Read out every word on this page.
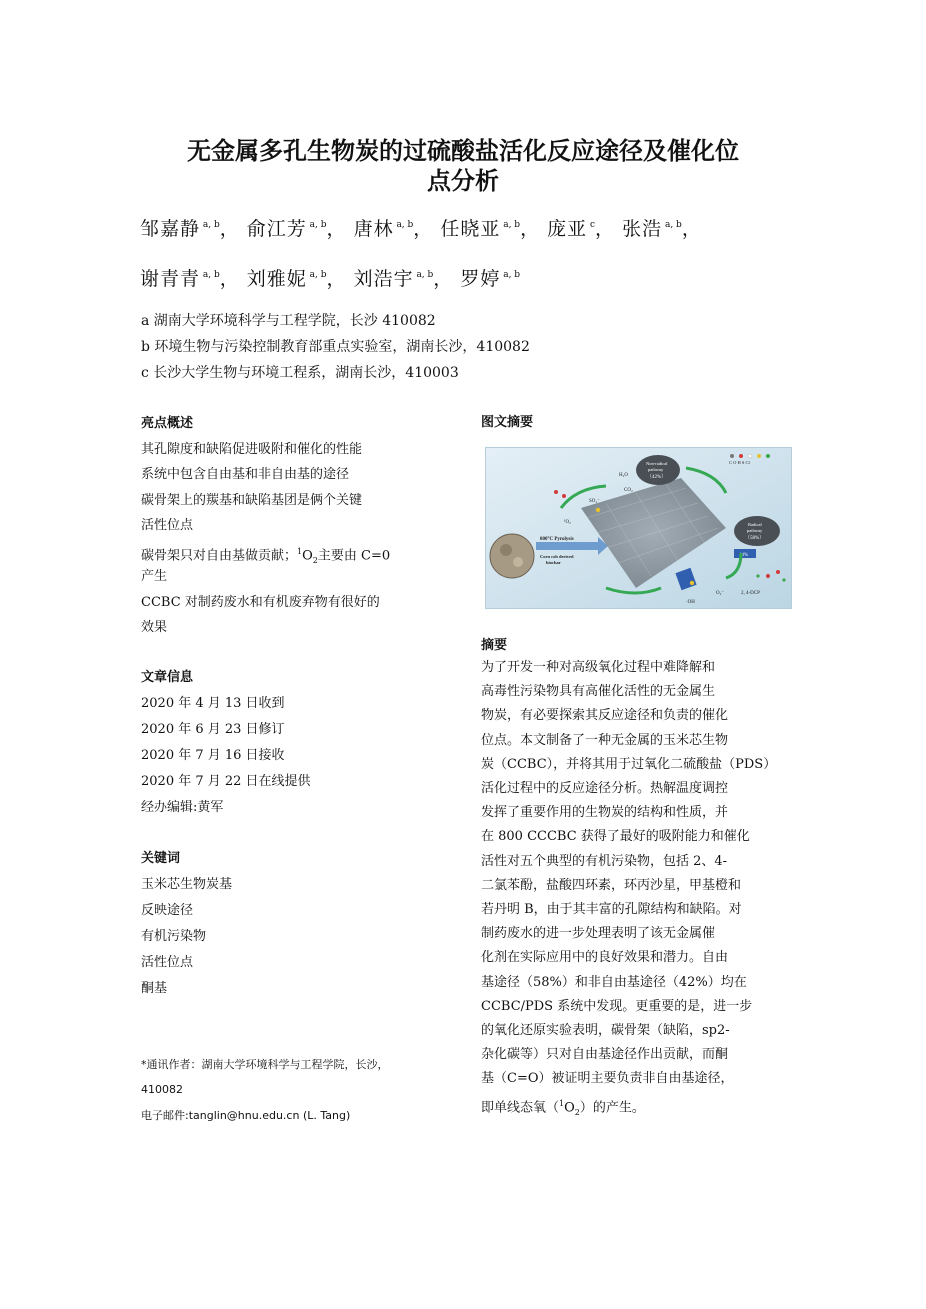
无金属多孔生物炭的过硫酸盐活化反应途径及催化位
点分析
邹嘉静 $^{a, b}$， 俞江芳 $^{a, b}$， 唐林 $^{a, b}$， 任晓亚 $^{a, b}$， 庞亚 $^c$， 张浩 $^{a, b}$，
谢青青 $^{a, b}$， 刘雅妮 $^{a, b}$， 刘浩宇 $^{a, b}$， 罗婷 $^{a, b}$
a 湖南大学环境科学与工程学院，长沙 410082
b 环境生物与污染控制教育部重点实验室，湖南长沙，410082
c 长沙大学生物与环境工程系，湖南长沙，410003
亮点概述
其孔隙度和缺陷促进吸附和催化的性能
系统中包含自由基和非自由基的途径
碳骨架上的羰基和缺陷基团是俩个关键
活性位点
碳骨架只对自由基做贡献；$^1O_2$主要由 C=0
产生
CCBC 对制药废水和有机废弃物有很好的
效果
文章信息
2020 年 4 月 13 日收到
2020 年 6 月 23 日修订
2020 年 7 月 16 日接收
2020 年 7 月 22 日在线提供
经办编辑:黄军
关键词
玉米芯生物炭基
反映途径
有机污染物
活性位点
酮基
*通讯作者：湖南大学环境科学与工程学院，长沙，
410082
电子邮件:tanglin@hnu.edu.cn (L. Tang)
图文摘要
800°C Pyrolysis
Corn cob derived
biochar
C O H S Cl
Non-radical
pathway
（42%）
Radical
pathway
（58%）
14%
H₂O
CO₂
SO₄⁻
¹O₂
·OH
O₂⁻	2, 4-DCP
摘要
为了开发一种对高级氧化过程中难降解和
高毒性污染物具有高催化活性的无金属生
物炭，有必要探索其反应途径和负责的催化
位点。本文制备了一种无金属的玉米芯生物
炭（CCBC），并将其用于过氧化二硫酸盐（PDS）
活化过程中的反应途径分析。热解温度调控
发挥了重要作用的生物炭的结构和性质，并
在 800 CCCBC 获得了最好的吸附能力和催化
活性对五个典型的有机污染物，包括 2、4-
二氯苯酚，盐酸四环素，环丙沙星，甲基橙和
若丹明 B，由于其丰富的孔隙结构和缺陷。对
制药废水的进一步处理表明了该无金属催
化剂在实际应用中的良好效果和潜力。自由
基途径（58%）和非自由基途径（42%）均在
CCBC/PDS 系统中发现。更重要的是，进一步
的氧化还原实验表明，碳骨架（缺陷，sp2-
杂化碳等）只对自由基途径作出贡献，而酮
基（C=O）被证明主要负责非自由基途径，
即单线态氧$(^1O_2)$的产生。
